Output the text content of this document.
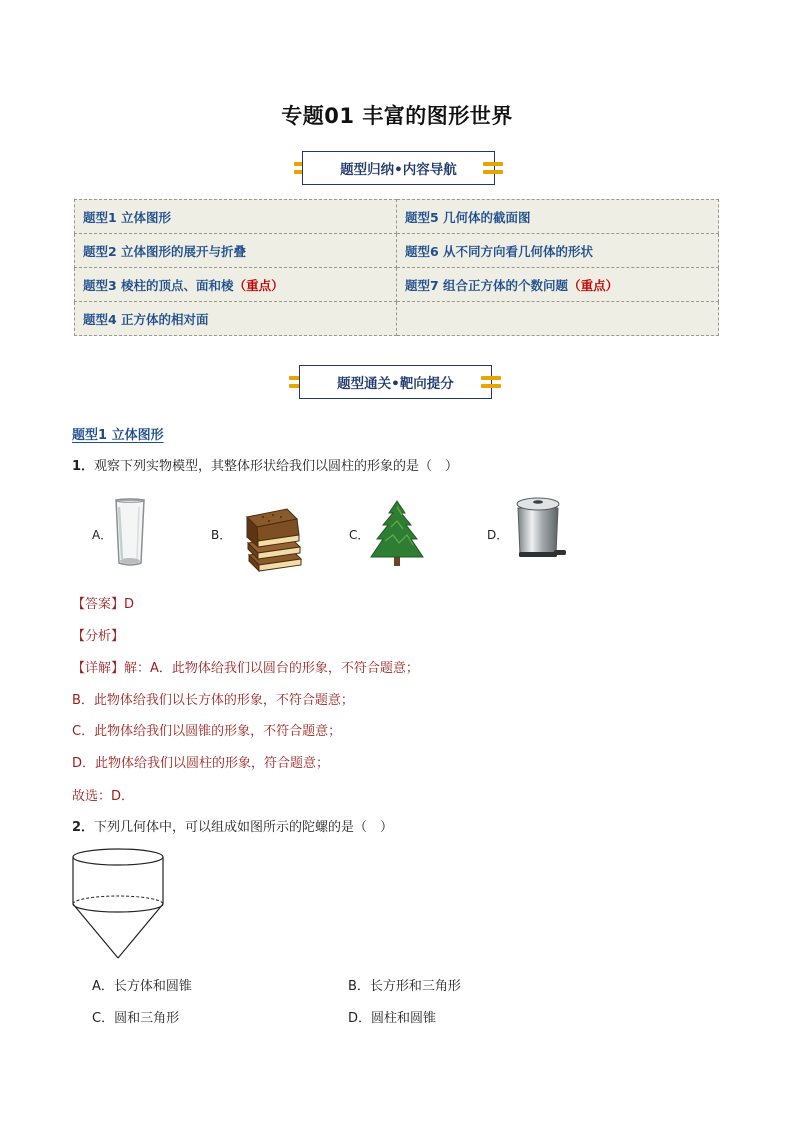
专题01 丰富的图形世界
题型归纳•内容导航
题型1 立体图形	题型5 几何体的截面图
题型2 立体图形的展开与折叠	题型6 从不同方向看几何体的形状
题型3 棱柱的顶点、面和棱（重点）	题型7 组合正方体的个数问题（重点）
题型4 正方体的相对面	
题型通关•靶向提分
题型1 立体图形
1．观察下列实物模型，其整体形状给我们以圆柱的形象的是（　）
A．	B．	C．	D．
【答案】D
【分析】
【详解】解：A．此物体给我们以圆台的形象，不符合题意；
B．此物体给我们以长方体的形象，不符合题意；
C．此物体给我们以圆锥的形象，不符合题意；
D．此物体给我们以圆柱的形象，符合题意；
故选：D．
2．下列几何体中，可以组成如图所示的陀螺的是（　）
A．长方体和圆锥	B．长方形和三角形
C．圆和三角形	D．圆柱和圆锥
